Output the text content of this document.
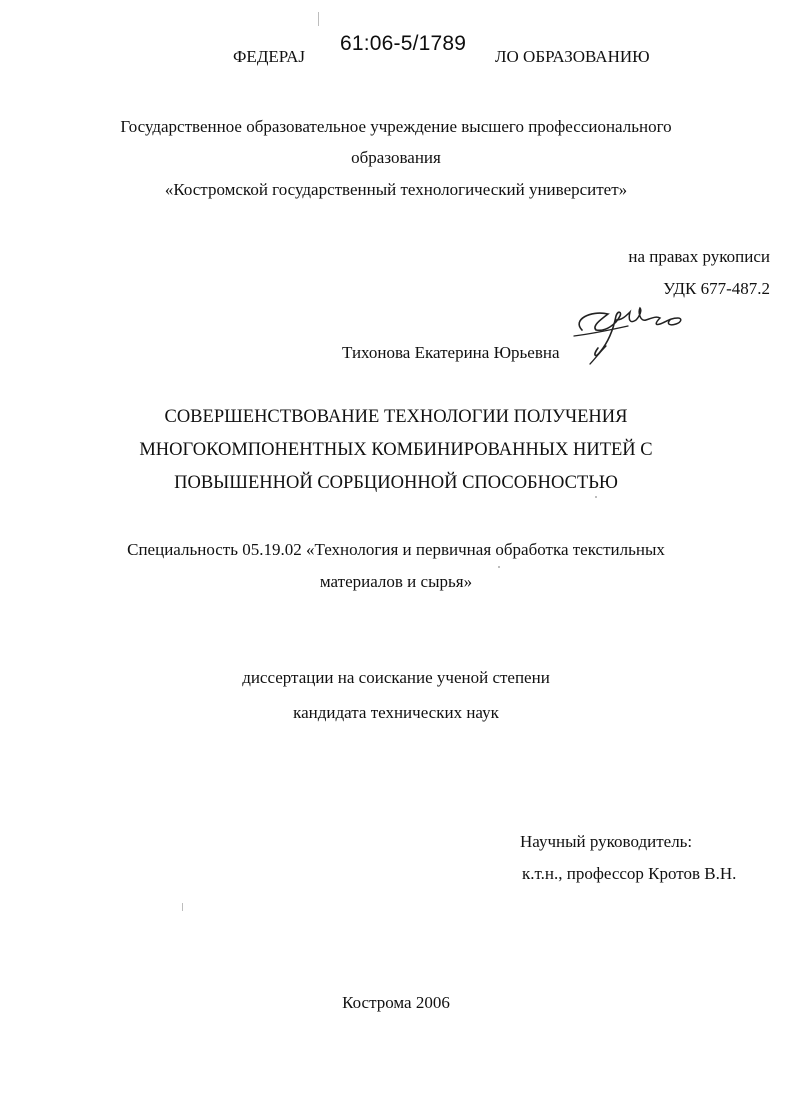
ФЕДЕРАЈ	ЛО ОБРАЗОВАНИЮ
61:06-5/1789
Государственное образовательное учреждение высшего профессионального
образования
«Костромской государственный технологический университет»
на правах рукописи
УДК 677-487.2
Тихонова Екатерина Юрьевна
СОВЕРШЕНСТВОВАНИЕ ТЕХНОЛОГИИ ПОЛУЧЕНИЯ
МНОГОКОМПОНЕНТНЫХ КОМБИНИРОВАННЫХ НИТЕЙ С
ПОВЫШЕННОЙ СОРБЦИОННОЙ СПОСОБНОСТЬЮ
Специальность 05.19.02 «Технология и первичная обработка текстильных
материалов и сырья»
диссертации на соискание ученой степени
кандидата технических наук
Научный руководитель:
к.т.н., профессор Кротов В.Н.
Кострома 2006
